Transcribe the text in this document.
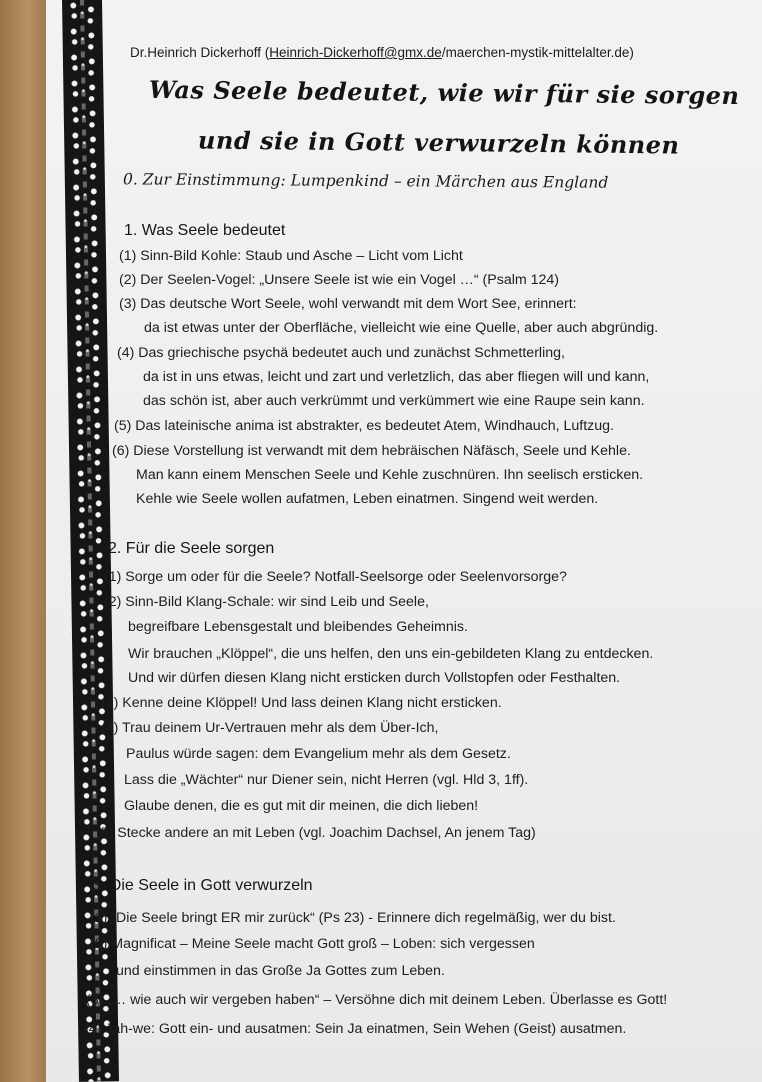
Dr.Heinrich Dickerhoff (Heinrich-Dickerhoff@gmx.de/maerchen-mystik-mittelalter.de)
Was Seele bedeutet, wie wir für sie sorgen
und sie in Gott verwurzeln können
0. Zur Einstimmung: Lumpenkind – ein Märchen aus England
1. Was Seele bedeutet
(1) Sinn-Bild Kohle: Staub und Asche – Licht vom Licht
(2) Der Seelen-Vogel: „Unsere Seele ist wie ein Vogel …“ (Psalm 124)
(3) Das deutsche Wort Seele, wohl verwandt mit dem Wort See, erinnert:
da ist etwas unter der Oberfläche, vielleicht wie eine Quelle, aber auch abgründig.
(4) Das griechische psychä bedeutet auch und zunächst Schmetterling,
da ist in uns etwas, leicht und zart und verletzlich, das aber fliegen will und kann,
das schön ist, aber auch verkrümmt und verkümmert wie eine Raupe sein kann.
(5) Das lateinische anima ist abstrakter, es bedeutet Atem, Windhauch, Luftzug.
(6) Diese Vorstellung ist verwandt mit dem hebräischen Näfäsch, Seele und Kehle.
Man kann einem Menschen Seele und Kehle zuschnüren. Ihn seelisch ersticken.
Kehle wie Seele wollen aufatmen, Leben einatmen. Singend weit werden.
2. Für die Seele sorgen
(1) Sorge um oder für die Seele? Notfall-Seelsorge oder Seelenvorsorge?
(2) Sinn-Bild Klang-Schale: wir sind Leib und Seele,
begreifbare Lebensgestalt und bleibendes Geheimnis.
Wir brauchen „Klöppel“, die uns helfen, den uns ein-gebildeten Klang zu entdecken.
Und wir dürfen diesen Klang nicht ersticken durch Vollstopfen oder Festhalten.
(3) Kenne deine Klöppel! Und lass deinen Klang nicht ersticken.
(4) Trau deinem Ur-Vertrauen mehr als dem Über-Ich,
Paulus würde sagen: dem Evangelium mehr als dem Gesetz.
Lass die „Wächter“ nur Diener sein, nicht Herren (vgl. Hld 3, 1ff).
Glaube denen, die es gut mit dir meinen, die dich lieben!
(5) Stecke andere an mit Leben (vgl. Joachim Dachsel, An jenem Tag)
3. Die Seele in Gott verwurzeln
(1) „Die Seele bringt ER mir zurück“ (Ps 23) - Erinnere dich regelmäßig, wer du bist.
(2) Magnificat – Meine Seele macht Gott groß – Loben: sich vergessen
und einstimmen in das Große Ja Gottes zum Leben.
(3) „… wie auch wir vergeben haben“ – Versöhne dich mit deinem Leben. Überlasse es Gott!
(4) Jah-we: Gott ein- und ausatmen: Sein Ja einatmen, Sein Wehen (Geist) ausatmen.
